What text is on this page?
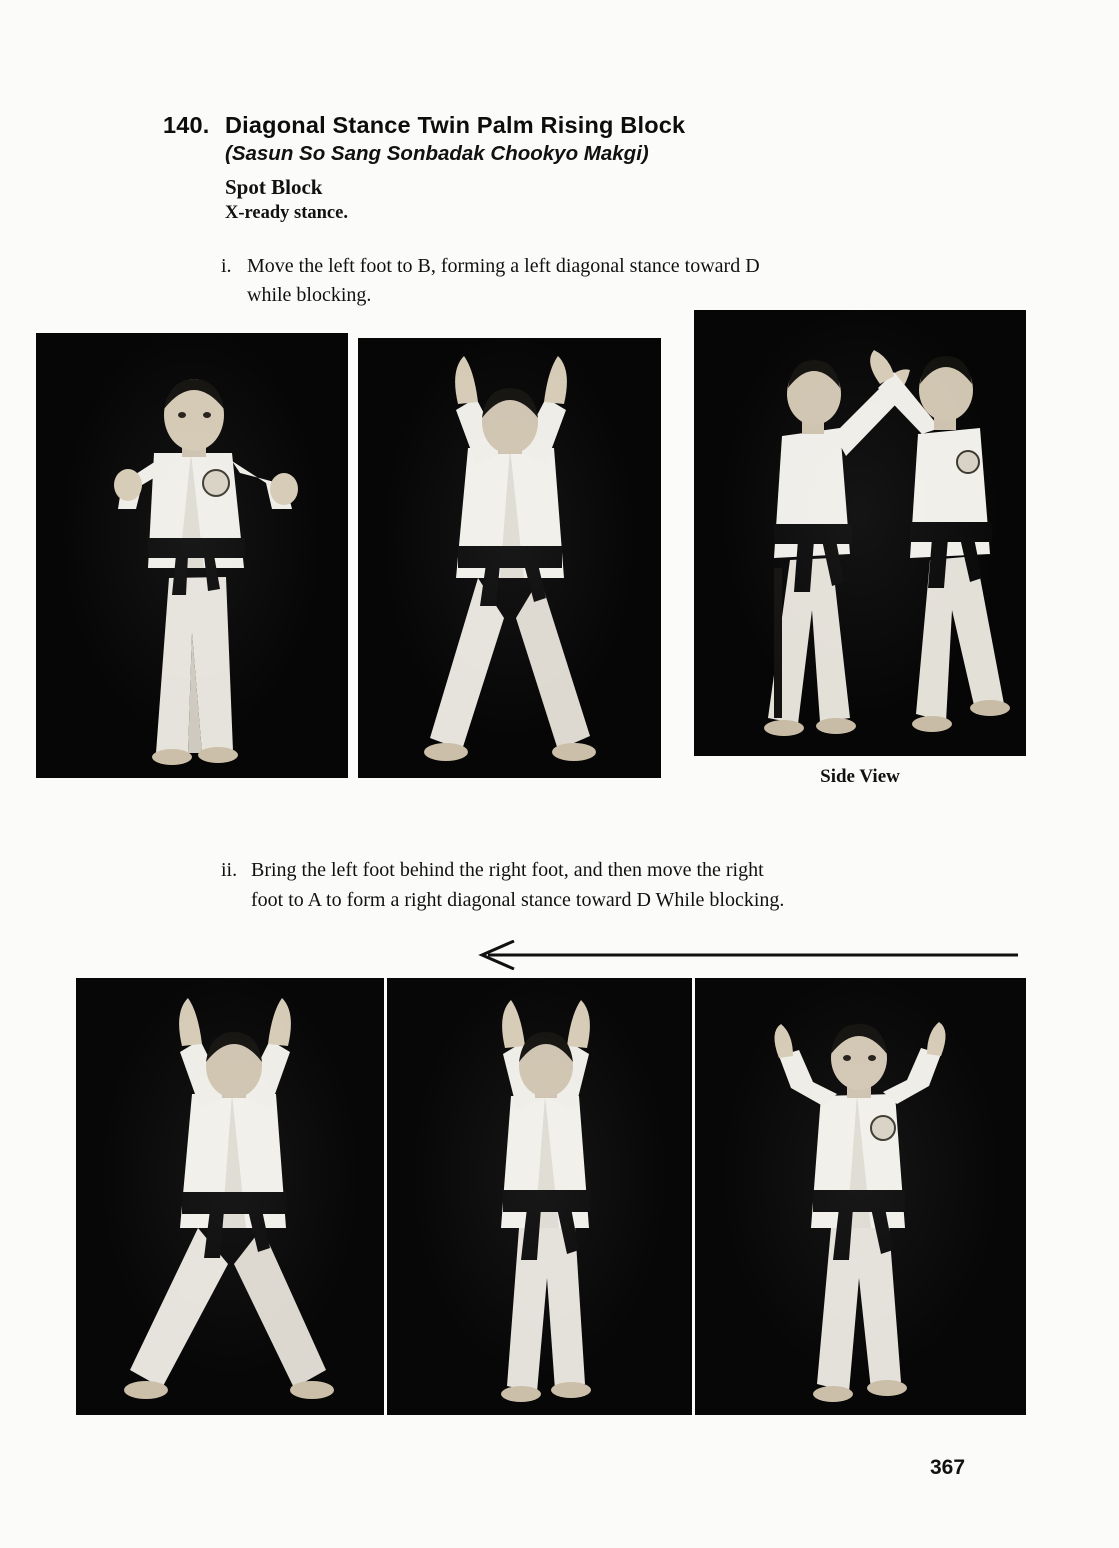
140. Diagonal Stance Twin Palm Rising Block
(Sasun So Sang Sonbadak Chookyo Makgi)
Spot Block
X-ready stance.
i. Move the left foot to B, forming a left diagonal stance toward D
while blocking.
Side View
ii. Bring the left foot behind the right foot, and then move the right
foot to A to form a right diagonal stance toward D While blocking.
367
